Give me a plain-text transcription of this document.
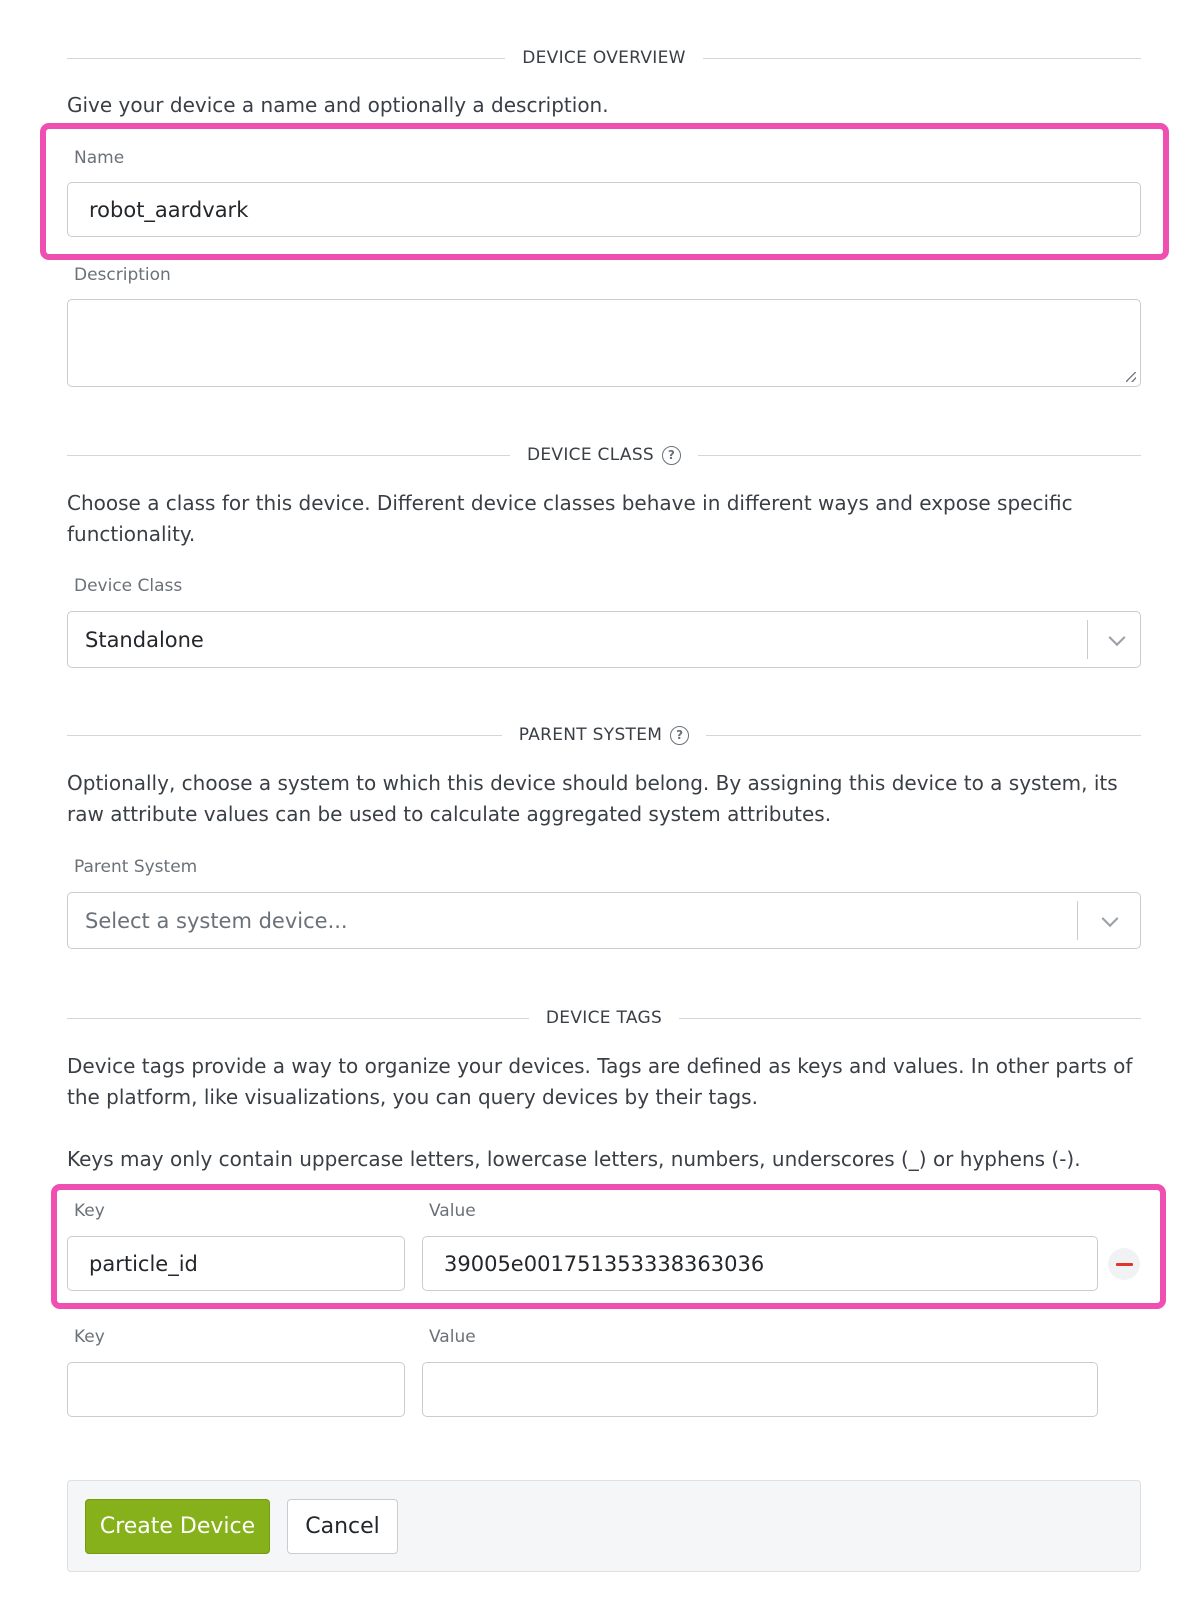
DEVICE OVERVIEW
Give your device a name and optionally a description.
Name
robot_aardvark
Description
DEVICE CLASS	?
Choose a class for this device. Different device classes behave in different ways and expose specific functionality.
Device Class
Standalone
PARENT SYSTEM	?
Optionally, choose a system to which this device should belong. By assigning this device to a system, its raw attribute values can be used to calculate aggregated system attributes.
Parent System
Select a system device...
DEVICE TAGS
Device tags provide a way to organize your devices. Tags are defined as keys and values. In other parts of the platform, like visualizations, you can query devices by their tags.
Keys may only contain uppercase letters, lowercase letters, numbers, underscores (_) or hyphens (-).
Key	Value
particle_id	39005e001751353338363036
Key	Value
Create Device	Cancel
